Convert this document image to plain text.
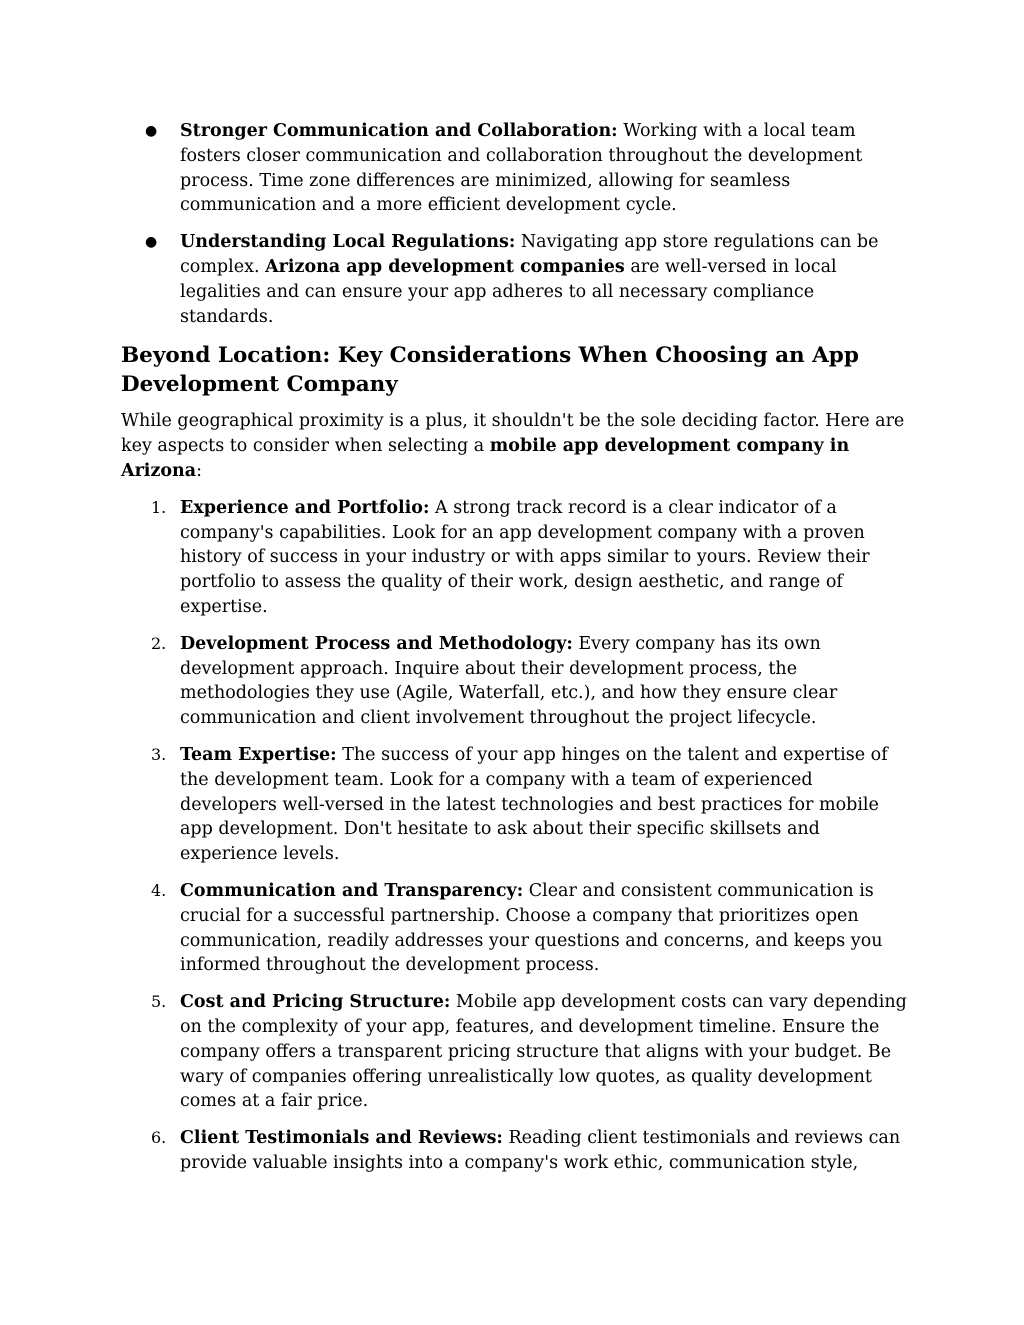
● Stronger Communication and Collaboration: Working with a local team fosters closer communication and collaboration throughout the development process. Time zone differences are minimized, allowing for seamless communication and a more efficient development cycle.
● Understanding Local Regulations: Navigating app store regulations can be complex. Arizona app development companies are well-versed in local legalities and can ensure your app adheres to all necessary compliance standards.
Beyond Location: Key Considerations When Choosing an App Development Company

While geographical proximity is a plus, it shouldn't be the sole deciding factor. Here are key aspects to consider when selecting a mobile app development company in Arizona:

1. Experience and Portfolio: A strong track record is a clear indicator of a company's capabilities. Look for an app development company with a proven history of success in your industry or with apps similar to yours. Review their portfolio to assess the quality of their work, design aesthetic, and range of expertise.
2. Development Process and Methodology: Every company has its own development approach. Inquire about their development process, the methodologies they use (Agile, Waterfall, etc.), and how they ensure clear communication and client involvement throughout the project lifecycle.
3. Team Expertise: The success of your app hinges on the talent and expertise of the development team. Look for a company with a team of experienced developers well-versed in the latest technologies and best practices for mobile app development. Don't hesitate to ask about their specific skillsets and experience levels.
4. Communication and Transparency: Clear and consistent communication is crucial for a successful partnership. Choose a company that prioritizes open communication, readily addresses your questions and concerns, and keeps you informed throughout the development process.
5. Cost and Pricing Structure: Mobile app development costs can vary depending on the complexity of your app, features, and development timeline. Ensure the company offers a transparent pricing structure that aligns with your budget. Be wary of companies offering unrealistically low quotes, as quality development comes at a fair price.
6. Client Testimonials and Reviews: Reading client testimonials and reviews can provide valuable insights into a company's work ethic, communication style,
